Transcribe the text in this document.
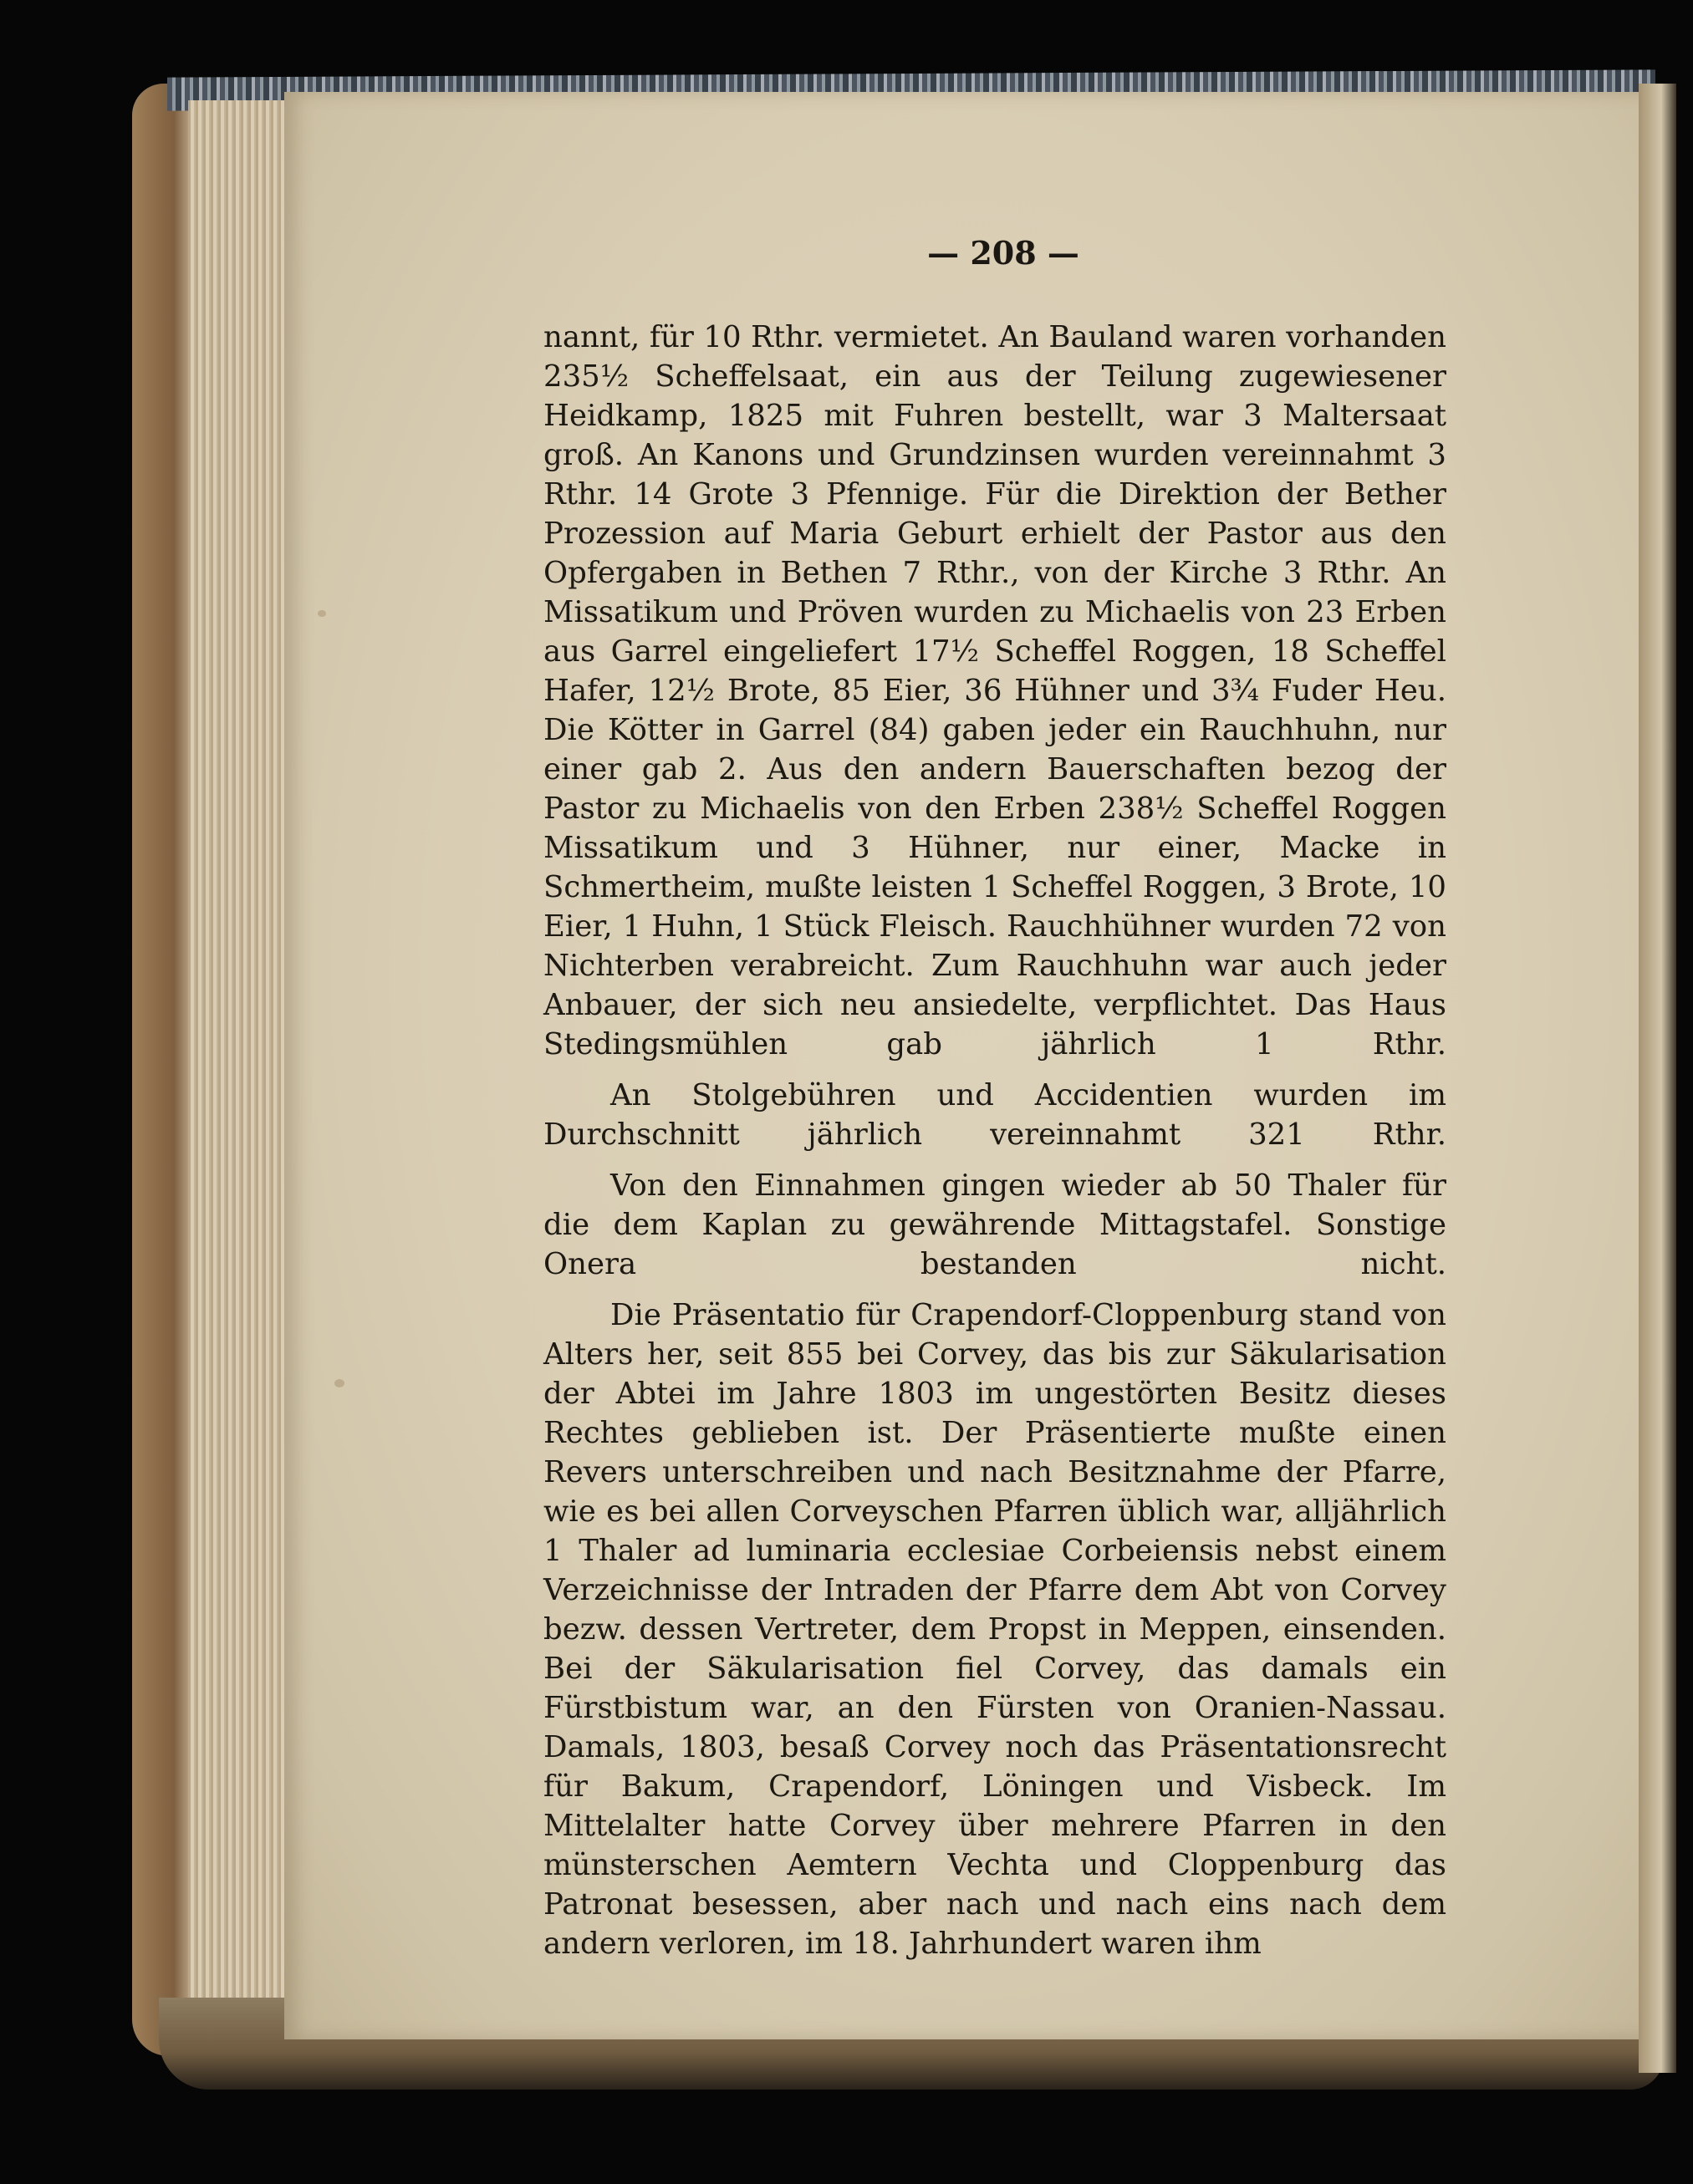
— 208 —

nannt, für 10 Rthr. vermietet. An Bauland waren vorhanden 235½ Scheffelsaat, ein aus der Teilung zugewiesener Heidkamp, 1825 mit Fuhren bestellt, war 3 Maltersaat groß. An Kanons und Grundzinsen wurden vereinnahmt 3 Rthr. 14 Grote 3 Pfennige. Für die Direktion der Bether Prozession auf Maria Geburt erhielt der Pastor aus den Opfergaben in Bethen 7 Rthr., von der Kirche 3 Rthr. An Missatikum und Pröven wurden zu Michaelis von 23 Erben aus Garrel eingeliefert 17½ Scheffel Roggen, 18 Scheffel Hafer, 12½ Brote, 85 Eier, 36 Hühner und 3¾ Fuder Heu. Die Kötter in Garrel (84) gaben jeder ein Rauchhuhn, nur einer gab 2. Aus den andern Bauerschaften bezog der Pastor zu Michaelis von den Erben 238½ Scheffel Roggen Missatikum und 3 Hühner, nur einer, Macke in Schmertheim, mußte leisten 1 Scheffel Roggen, 3 Brote, 10 Eier, 1 Huhn, 1 Stück Fleisch. Rauchhühner wurden 72 von Nichterben verabreicht. Zum Rauchhuhn war auch jeder Anbauer, der sich neu ansiedelte, verpflichtet. Das Haus Stedingsmühlen gab jährlich 1 Rthr.

An Stolgebühren und Accidentien wurden im Durchschnitt jährlich vereinnahmt 321 Rthr.

Von den Einnahmen gingen wieder ab 50 Thaler für die dem Kaplan zu gewährende Mittagstafel. Sonstige Onera bestanden nicht.

Die Präsentatio für Crapendorf-Cloppenburg stand von Alters her, seit 855 bei Corvey, das bis zur Säkularisation der Abtei im Jahre 1803 im ungestörten Besitz dieses Rechtes geblieben ist. Der Präsentierte mußte einen Revers unterschreiben und nach Besitznahme der Pfarre, wie es bei allen Corveyschen Pfarren üblich war, alljährlich 1 Thaler ad luminaria ecclesiae Corbeiensis nebst einem Verzeichnisse der Intraden der Pfarre dem Abt von Corvey bezw. dessen Vertreter, dem Propst in Meppen, einsenden. Bei der Säkularisation fiel Corvey, das damals ein Fürstbistum war, an den Fürsten von Oranien-Nassau. Damals, 1803, besaß Corvey noch das Präsentationsrecht für Bakum, Crapendorf, Löningen und Visbeck. Im Mittelalter hatte Corvey über mehrere Pfarren in den münsterschen Aemtern Vechta und Cloppenburg das Patronat besessen, aber nach und nach eins nach dem andern verloren, im 18. Jahrhundert waren ihm
